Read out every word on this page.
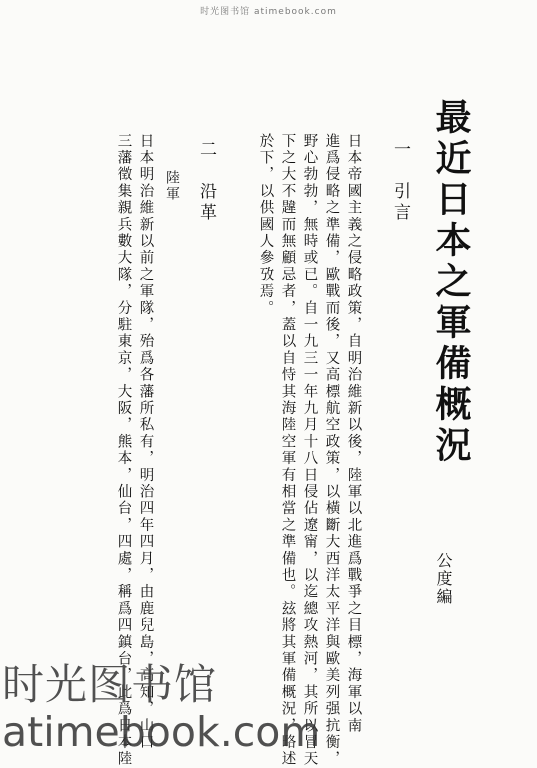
时光图书馆 atimebook.com
最近日本之軍備概況
公度編
一　引言
日本帝國主義之侵略政策，自明治維新以後，陸軍以北進爲戰爭之目標，海軍以南
進爲侵略之準備，歐戰而後，又高標航空政策，以橫斷大西洋太平洋與歐美列强抗衡，
野心勃勃，無時或已。自一九三一年九月十八日侵佔遼甯，以迄總攻熱河，其所以冒天
下之大不韙而無顧忌者，蓋以自恃其海陸空軍有相當之準備也。玆將其軍備概況，略述
於下，以供國人參攷焉。
二　沿革
陸軍
日本明治維新以前之軍隊，殆爲各藩所私有，明治四年四月，由鹿兒島，高知，山口
三藩徵集親兵數大隊，分駐東京，大阪，熊本，仙台，四處，稱爲四鎮台，此爲日本陸
时光图书馆
atimebook.com
